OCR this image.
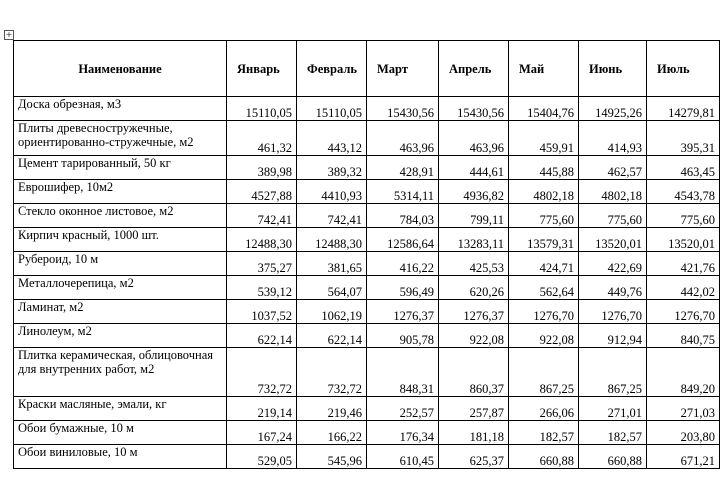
+
Наименование	Январь	Февраль	Март	Апрель	Май	Июнь	Июль
Доска обрезная, м3	15110,05	15110,05	15430,56	15430,56	15404,76	14925,26	14279,81
Плиты древесностружечные, ориентированно-стружечные, м2	461,32	443,12	463,96	463,96	459,91	414,93	395,31
Цемент тарированный, 50 кг	389,98	389,32	428,91	444,61	445,88	462,57	463,45
Еврошифер, 10м2	4527,88	4410,93	5314,11	4936,82	4802,18	4802,18	4543,78
Стекло оконное листовое, м2	742,41	742,41	784,03	799,11	775,60	775,60	775,60
Кирпич красный, 1000 шт.	12488,30	12488,30	12586,64	13283,11	13579,31	13520,01	13520,01
Рубероид, 10 м	375,27	381,65	416,22	425,53	424,71	422,69	421,76
Металлочерепица, м2	539,12	564,07	596,49	620,26	562,64	449,76	442,02
Ламинат, м2	1037,52	1062,19	1276,37	1276,37	1276,70	1276,70	1276,70
Линолеум, м2	622,14	622,14	905,78	922,08	922,08	912,94	840,75
Плитка керамическая, облицовочная для внутренних работ, м2	732,72	732,72	848,31	860,37	867,25	867,25	849,20
Краски масляные, эмали, кг	219,14	219,46	252,57	257,87	266,06	271,01	271,03
Обои бумажные, 10 м	167,24	166,22	176,34	181,18	182,57	182,57	203,80
Обои виниловые, 10 м	529,05	545,96	610,45	625,37	660,88	660,88	671,21
